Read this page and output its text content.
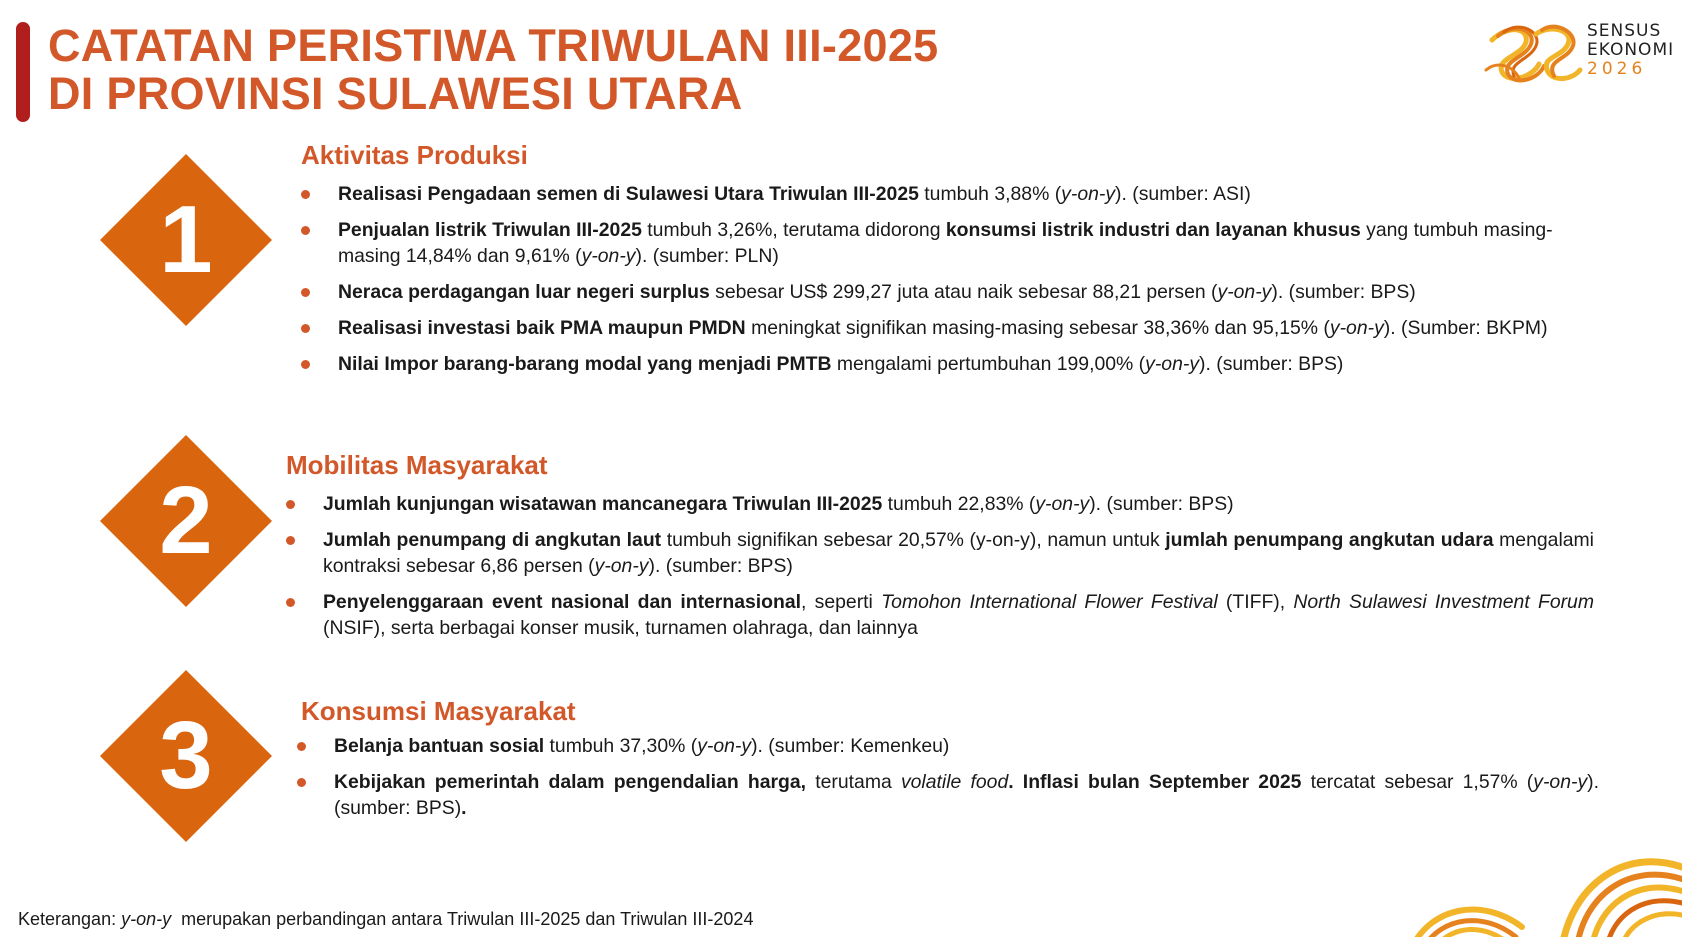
CATATAN PERISTIWA TRIWULAN III-2025
DI PROVINSI SULAWESI UTARA
SENSUS
EKONOMI
2026
1
Aktivitas Produksi
Realisasi Pengadaan semen di Sulawesi Utara Triwulan III-2025 tumbuh 3,88% (y-on-y). (sumber: ASI)
Penjualan listrik Triwulan III-2025 tumbuh 3,26%, terutama didorong konsumsi listrik industri dan layanan khusus yang tumbuh masing-masing 14,84% dan 9,61% (y-on-y). (sumber: PLN)
Neraca perdagangan luar negeri surplus sebesar US$ 299,27 juta atau naik sebesar 88,21 persen (y-on-y). (sumber: BPS)
Realisasi investasi baik PMA maupun PMDN meningkat signifikan masing-masing sebesar 38,36% dan 95,15% (y-on-y). (Sumber: BKPM)
Nilai Impor barang-barang modal yang menjadi PMTB mengalami pertumbuhan 199,00% (y-on-y). (sumber: BPS)
2
Mobilitas Masyarakat
Jumlah kunjungan wisatawan mancanegara Triwulan III-2025 tumbuh 22,83% (y-on-y). (sumber: BPS)
Jumlah penumpang di angkutan laut tumbuh signifikan sebesar 20,57% (y-on-y), namun untuk jumlah penumpang angkutan udara mengalami kontraksi sebesar 6,86 persen (y-on-y). (sumber: BPS)
Penyelenggaraan event nasional dan internasional, seperti Tomohon International Flower Festival (TIFF), North Sulawesi Investment Forum (NSIF), serta berbagai konser musik, turnamen olahraga, dan lainnya
3	Konsumsi Masyarakat
Belanja bantuan sosial tumbuh 37,30% (y-on-y). (sumber: Kemenkeu)
Kebijakan pemerintah dalam pengendalian harga, terutama volatile food. Inflasi bulan September 2025 tercatat sebesar 1,57% (y-on-y). (sumber: BPS).
Keterangan: y-on-y  merupakan perbandingan antara Triwulan III-2025 dan Triwulan III-2024
